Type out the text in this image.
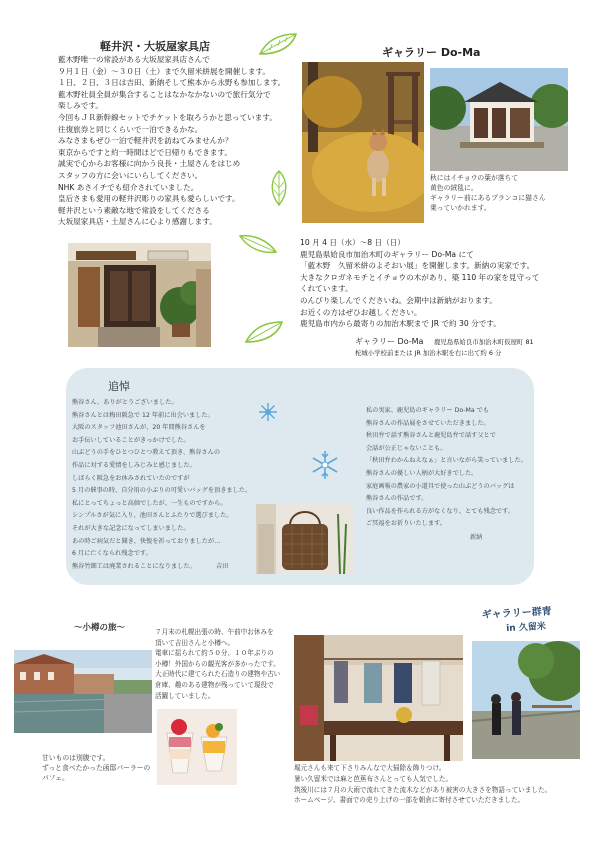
軽井沢・大坂屋家具店

藍木野唯一の常設がある大坂屋家具店さんで

９月１日（金）～３０日（土）まで久留米絣展を開催します。

１日、２日、３日は吉田、新納そして熊本から永野も参加します。

藍木野社員全員が集合することはなかなかないので旅行気分で

楽しみです。

今回もＪＲ新幹線セットでチケットを取ろうかと思っています。

往復旅券と同じくらいで一泊できるかな。

みなさまもぜひ一泊で軽井沢を訪ねてみませんか？

東京からですと約一時間ほどで日帰りもできます。

誠実で心からお客様に向かう良長・土屋さんをはじめ

スタッフの方に会いにいらしてください。

NHK あさイチでも紹介されていました。

皇后さまも愛用の軽井沢彫りの家具も愛らしいです。

軽井沢という素敵な地で常設をしてくださる

大坂屋家具店・土屋さんに心より感謝します。

ギャラリー Do-Ma

秋にはイチョウの葉が落ちて

黄色の絨毯に。

ギャラリー前にあるブランコに猫さん

乗っていかれます。

10 月 4 日（水）～8 日（日）

鹿児島県姶良市加治木町のギャラリー Do-Ma にて

「藍木野　久留米絣のよそおい展」を開催します。新納の実家です。

大きなクロガネモチとイチョウの木があり、築 110 年の家を見守って

くれています。

のんびり楽しんでくださいね。会期中は新納がおります。

お近くの方はぜひお越しください。

鹿児島市内から最寄りの加治木駅まで JR で約 30 分です。

ギャラリー Do-Ma 鹿児島県姶良市加治木町仮屋町 81
柁城小学校前または JR 加治木駅を右に出て約 6 分
追悼

熊谷さん、ありがとうございました。

熊谷さんとは梅田阪急で 12 年前に出会いました。

大阪のスタッフ池田さんが、20 年間熊谷さんを

お手伝いしていることがきっかけでした。

山ぶどうの手をひとつひとつ教えて頂き、熊谷さんの

作品に対する愛情をしみじみと感じました。

しばらく阪急をお休みされていたのですが

5 月の催事の時、自分用の小ぶりの可愛いバッグを頂きました。

私にとってちょっと高価でしたが、一生ものですから。

シンプルさが気に入り、池田さんとふたりで選びました。

それが大きな記念になってしまいました。

あの時ご病気だと聞き、快復を祈っておりましたが…

6 月に亡くなられ残念です。

熊谷竹細工は廃業されることになりました。	吉田

私の実家、鹿児島のギャラリー Do-Ma でも

熊谷さんの作品展をさせていただきました。

秋田弁で話す熊谷さんと鹿児島弁で話す父とで

会話が公正じゃないことも。

「秋田弁わかんねえなぁ」と言いながら笑っていました。

熊谷さんの優しい人柄が大好きでした。

家庭画報の農家の小道具で使った山ぶどうのバッグは

熊谷さんの作品です。

良い作品を作られる方がなくなり、とても残念です。

ご冥福をお祈りいたします。

新納
～小樽の旅～	７月末の札幌出張の時、午前中お休みを

頂いて吉田さんと小樽へ。

電車に揺られて約５０分、１０年ぶりの

小樽！外国からの観光客が多かったです。

大正時代に建てられた石造りの建物や古い

倉庫、趣のある建物が残っていて現役で

活躍していました。

甘いものは別腹です。

ずっと食べたかった函邸パーラーの

パフェ。

ギャラリー群青
in 久留米

堀元さんも来て下さりみんなで大掃除＆飾りつけ。

暑い久留米では麻と芭蕉布さんとっても人気でした。

筑後川には７月の大雨で流れてきた流木などがあり被害の大きさを物語っていました。

ホームページ、書面での売り上げの一部を朝倉に寄付させていただきました。
